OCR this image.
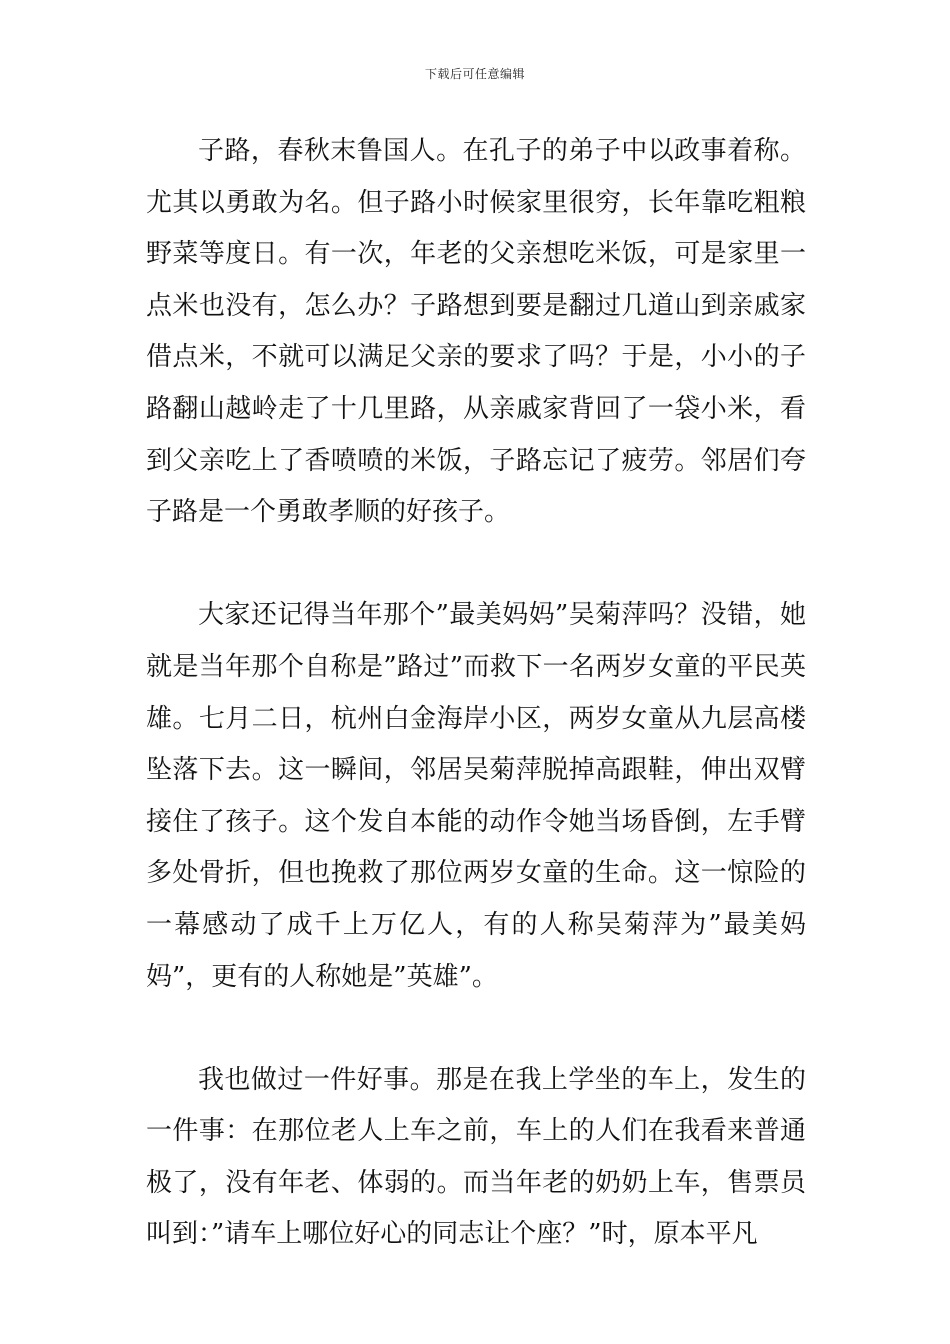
下载后可任意编辑

子路，春秋末鲁国人。在孔子的弟子中以政事着称。尤其以勇敢为名。但子路小时候家里很穷，长年靠吃粗粮野菜等度日。有一次，年老的父亲想吃米饭，可是家里一点米也没有，怎么办？子路想到要是翻过几道山到亲戚家借点米，不就可以满足父亲的要求了吗？于是，小小的子路翻山越岭走了十几里路，从亲戚家背回了一袋小米，看到父亲吃上了香喷喷的米饭，子路忘记了疲劳。邻居们夸子路是一个勇敢孝顺的好孩子。

大家还记得当年那个”最美妈妈”吴菊萍吗？没错，她就是当年那个自称是”路过”而救下一名两岁女童的平民英雄。七月二日，杭州白金海岸小区，两岁女童从九层高楼坠落下去。这一瞬间，邻居吴菊萍脱掉高跟鞋，伸出双臂接住了孩子。这个发自本能的动作令她当场昏倒，左手臂多处骨折，但也挽救了那位两岁女童的生命。这一惊险的一幕感动了成千上万亿人，有的人称吴菊萍为”最美妈妈”，更有的人称她是”英雄”。

我也做过一件好事。那是在我上学坐的车上，发生的一件事：在那位老人上车之前，车上的人们在我看来普通极了，没有年老、体弱的。而当年老的奶奶上车，售票员叫到：”请车上哪位好心的同志让个座？”时，原本平凡
